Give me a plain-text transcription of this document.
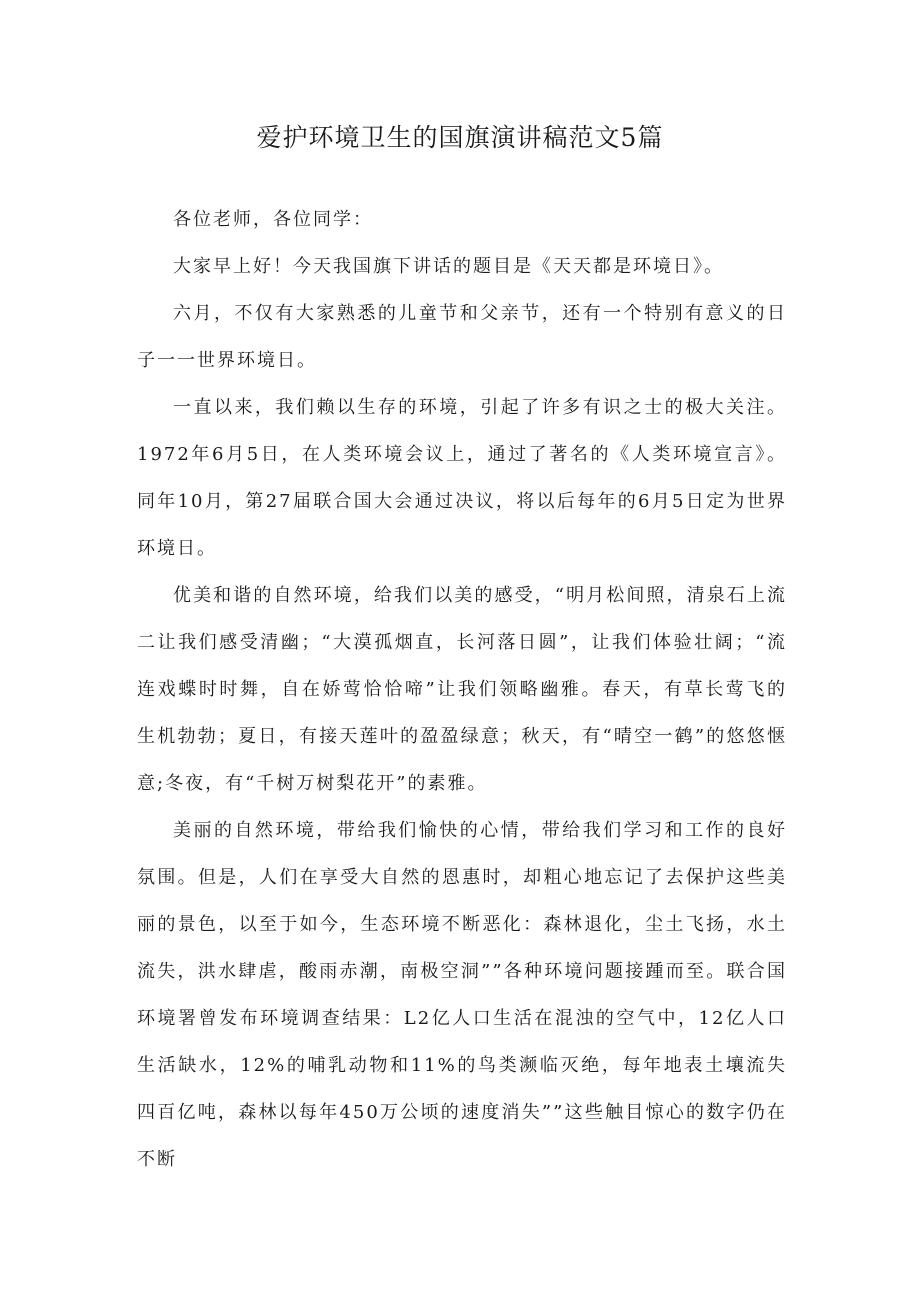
爱护环境卫生的国旗演讲稿范文5篇

各位老师，各位同学：

大家早上好！今天我国旗下讲话的题目是《天天都是环境日》。

六月，不仅有大家熟悉的儿童节和父亲节，还有一个特别有意义的日子一一世界环境日。

一直以来，我们赖以生存的环境，引起了许多有识之士的极大关注。1972年6月5日，在人类环境会议上，通过了著名的《人类环境宣言》。同年10月，第27届联合国大会通过决议，将以后每年的6月5日定为世界环境日。

优美和谐的自然环境，给我们以美的感受，“明月松间照，清泉石上流二让我们感受清幽；“大漠孤烟直，长河落日圆”，让我们体验壮阔；“流连戏蝶时时舞，自在娇莺恰恰啼”让我们领略幽雅。春天，有草长莺飞的生机勃勃；夏日，有接天莲叶的盈盈绿意；秋天，有“晴空一鹤”的悠悠惬意;冬夜，有“千树万树梨花开”的素雅。

美丽的自然环境，带给我们愉快的心情，带给我们学习和工作的良好氛围。但是，人们在享受大自然的恩惠时，却粗心地忘记了去保护这些美丽的景色，以至于如今，生态环境不断恶化：森林退化，尘土飞扬，水土流失，洪水肆虐，酸雨赤潮，南极空洞””各种环境问题接踵而至。联合国环境署曾发布环境调查结果：L2亿人口生活在混浊的空气中，12亿人口生活缺水，12%的哺乳动物和11%的鸟类濒临灭绝，每年地表土壤流失四百亿吨，森林以每年450万公顷的速度消失””这些触目惊心的数字仍在不断
